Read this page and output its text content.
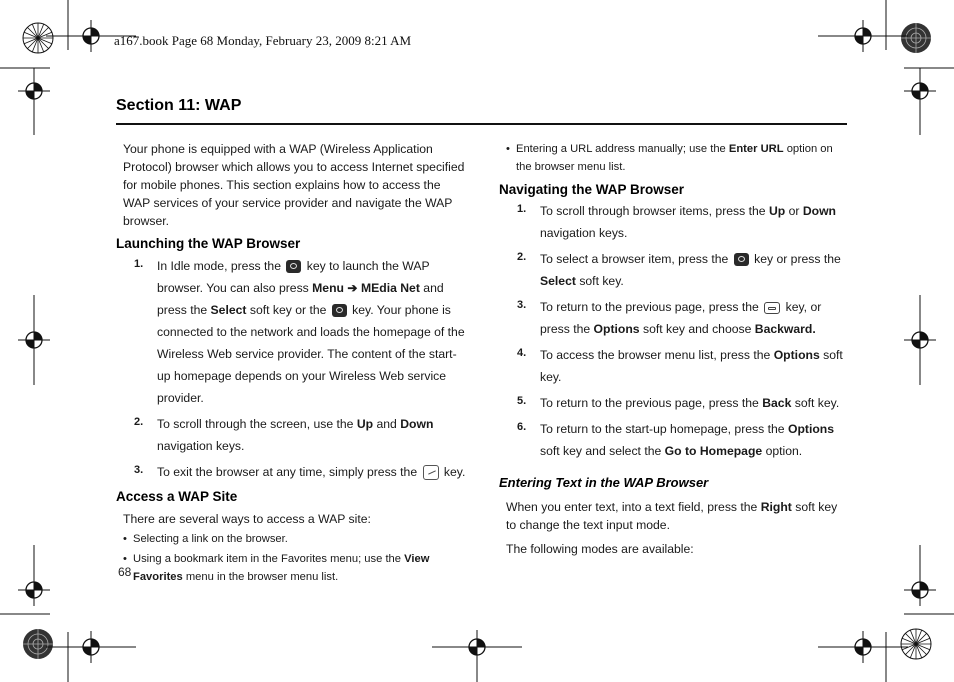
a167.book Page 68 Monday, February 23, 2009 8:21 AM
Section 11: WAP

Your phone is equipped with a WAP (Wireless Application Protocol) browser which allows you to access Internet specified for mobile phones. This section explains how to access the WAP services of your service provider and navigate the WAP browser.

Launching the WAP Browser
1.	In Idle mode, press the key to launch the WAP browser. You can also press Menu ➔ MEdia Net and press the Select soft key or the key. Your phone is connected to the network and loads the homepage of the Wireless Web service provider. The content of the start-up homepage depends on your Wireless Web service provider.
2.	To scroll through the screen, use the Up and Down navigation keys.
3.	To exit the browser at any time, simply press the key.
Access a WAP Site

There are several ways to access a WAP site:

• Selecting a link on the browser.
• Using a bookmark item in the Favorites menu; use the View Favorites menu in the browser menu list.
• Entering a URL address manually; use the Enter URL option on the browser menu list.
Navigating the WAP Browser
1.	To scroll through browser items, press the Up or Down navigation keys.
2.	To select a browser item, press the key or press the Select soft key.
3.	To return to the previous page, press the key, or press the Options soft key and choose Backward.
4.	To access the browser menu list, press the Options soft key.
5.	To return to the previous page, press the Back soft key.
6.	To return to the start-up homepage, press the Options soft key and select the Go to Homepage option.
Entering Text in the WAP Browser

When you enter text, into a text field, press the Right soft key to change the text input mode.

The following modes are available:

68
